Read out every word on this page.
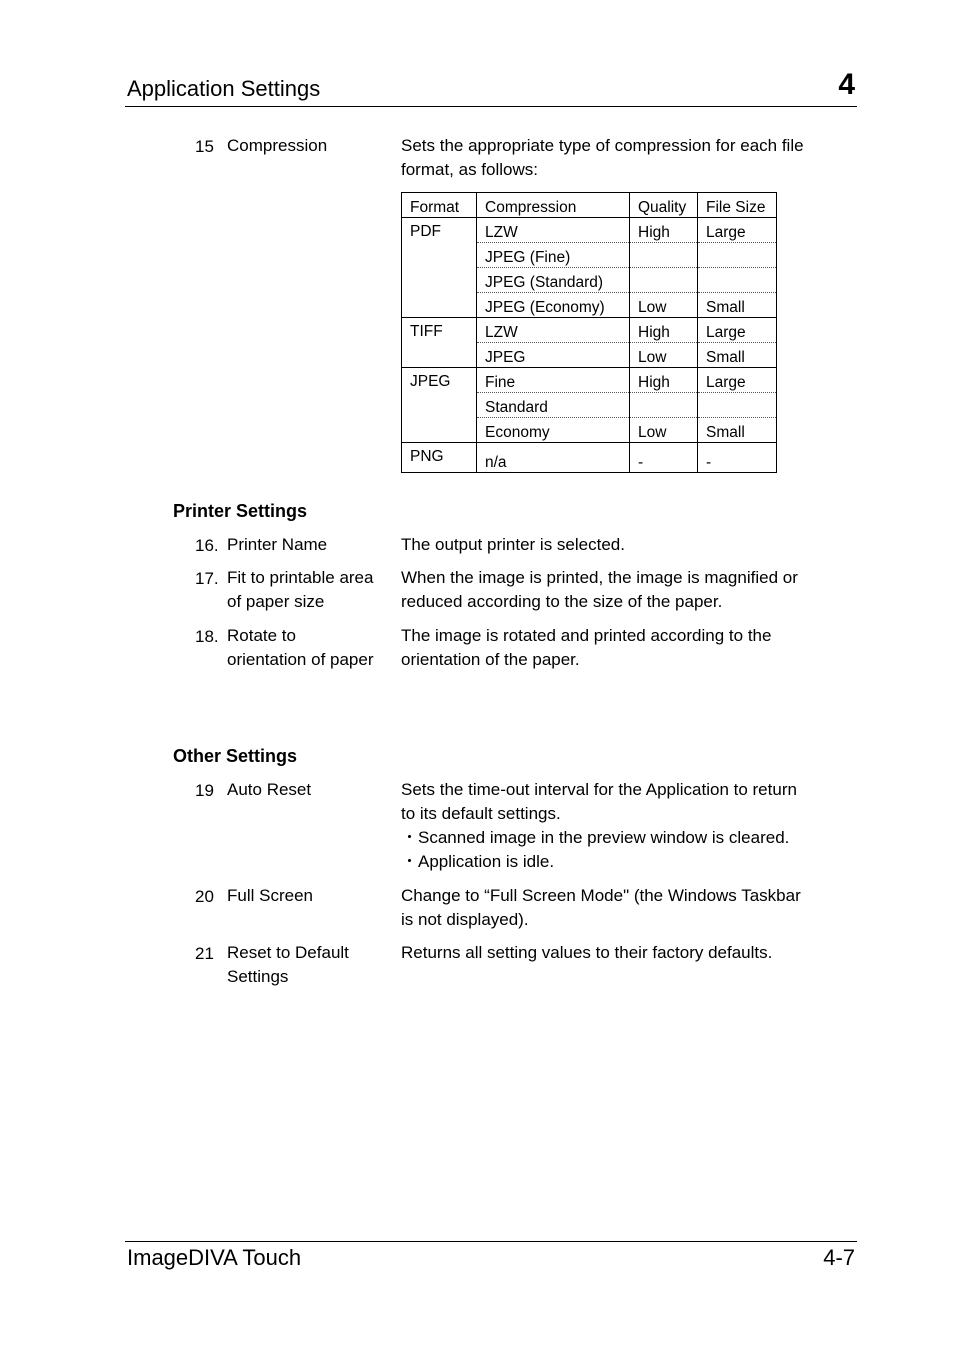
Application Settings	4
15 Compression	Sets the appropriate type of compression for each file
format, as follows:
Format	Compression	Quality	File Size
PDF	LZW	High	Large
	JPEG (Fine)		
	JPEG (Standard)		
	JPEG (Economy)	Low	Small
TIFF	LZW	High	Large
	JPEG	Low	Small
JPEG	Fine	High	Large
	Standard		
	Economy	Low	Small
PNG	n/a	-	-
Printer Settings
16. Printer Name	The output printer is selected.
17. Fit to printable area
of paper size
When the image is printed, the image is magnified or
reduced according to the size of the paper.
18. Rotate to
orientation of paper
The image is rotated and printed according to the
orientation of the paper.
Other Settings
19 Auto Reset	Sets the time-out interval for the Application to return
to its default settings.
・Scanned image in the preview window is cleared.
・Application is idle.
20 Full Screen	Change to “Full Screen Mode" (the Windows Taskbar
is not displayed).
21 Reset to Default
Settings
Returns all setting values to their factory defaults.
ImageDIVA Touch	4-7
